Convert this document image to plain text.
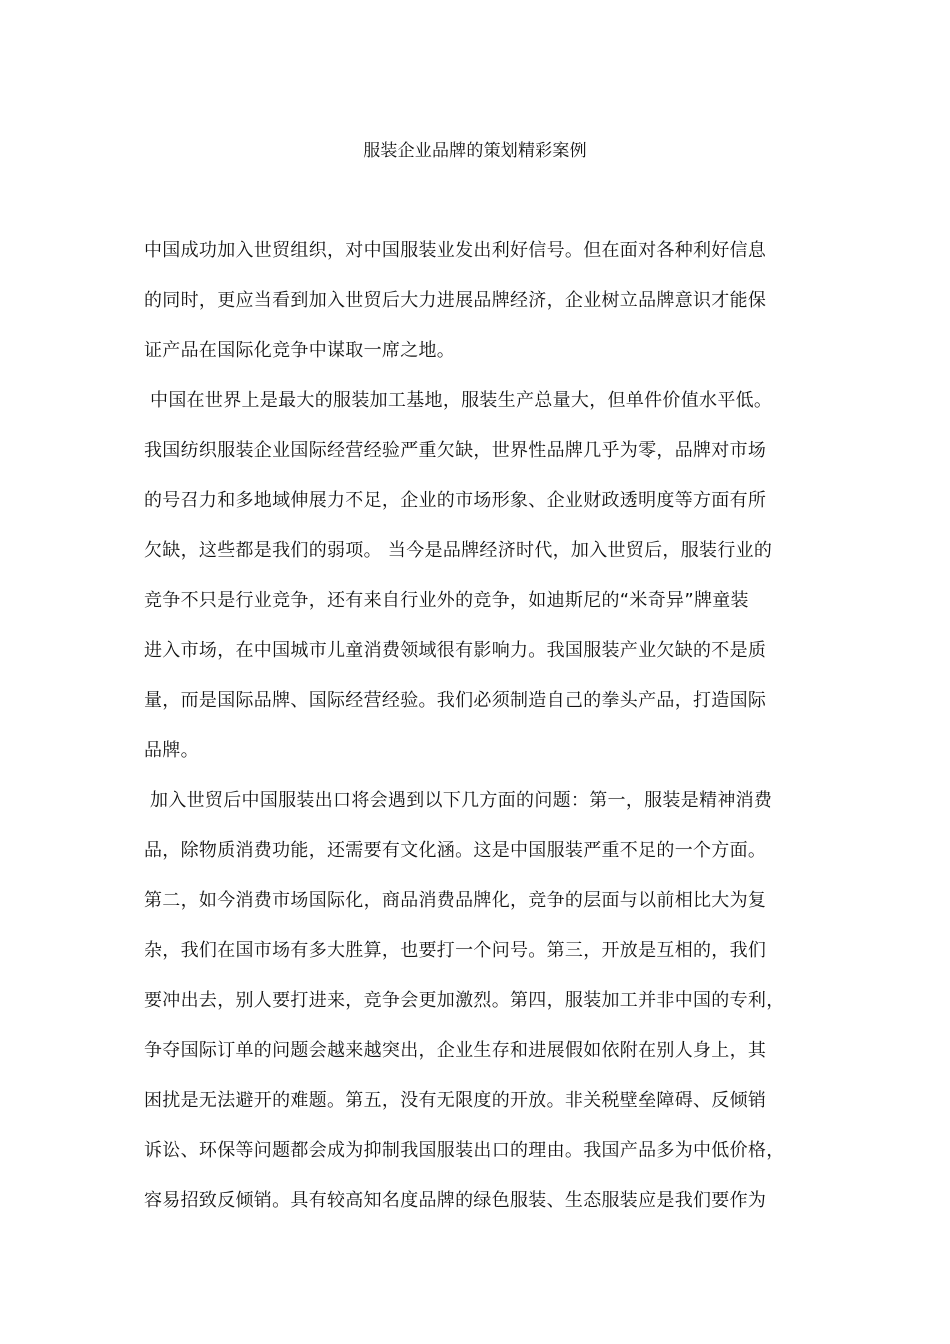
服装企业品牌的策划精彩案例
中国成功加入世贸组织，对中国服装业发出利好信号。但在面对各种利好信息
的同时，更应当看到加入世贸后大力进展品牌经济，企业树立品牌意识才能保
证产品在国际化竞争中谋取一席之地。
中国在世界上是最大的服装加工基地，服装生产总量大，但单件价值水平低。
我国纺织服装企业国际经营经验严重欠缺，世界性品牌几乎为零，品牌对市场
的号召力和多地域伸展力不足，企业的市场形象、企业财政透明度等方面有所
欠缺，这些都是我们的弱项。 当今是品牌经济时代，加入世贸后，服装行业的
竞争不只是行业竞争，还有来自行业外的竞争，如迪斯尼的“米奇异”牌童装
进入市场，在中国城市儿童消费领域很有影响力。我国服装产业欠缺的不是质
量，而是国际品牌、国际经营经验。我们必须制造自己的拳头产品，打造国际
品牌。
加入世贸后中国服装出口将会遇到以下几方面的问题：第一，服装是精神消费
品，除物质消费功能，还需要有文化涵。这是中国服装严重不足的一个方面。
第二，如今消费市场国际化，商品消费品牌化，竞争的层面与以前相比大为复
杂，我们在国市场有多大胜算，也要打一个问号。第三，开放是互相的，我们
要冲出去，别人要打进来，竞争会更加激烈。第四，服装加工并非中国的专利，
争夺国际订单的问题会越来越突出，企业生存和进展假如依附在别人身上，其
困扰是无法避开的难题。第五，没有无限度的开放。非关税壁垒障碍、反倾销
诉讼、环保等问题都会成为抑制我国服装出口的理由。我国产品多为中低价格，
容易招致反倾销。具有较高知名度品牌的绿色服装、生态服装应是我们要作为
